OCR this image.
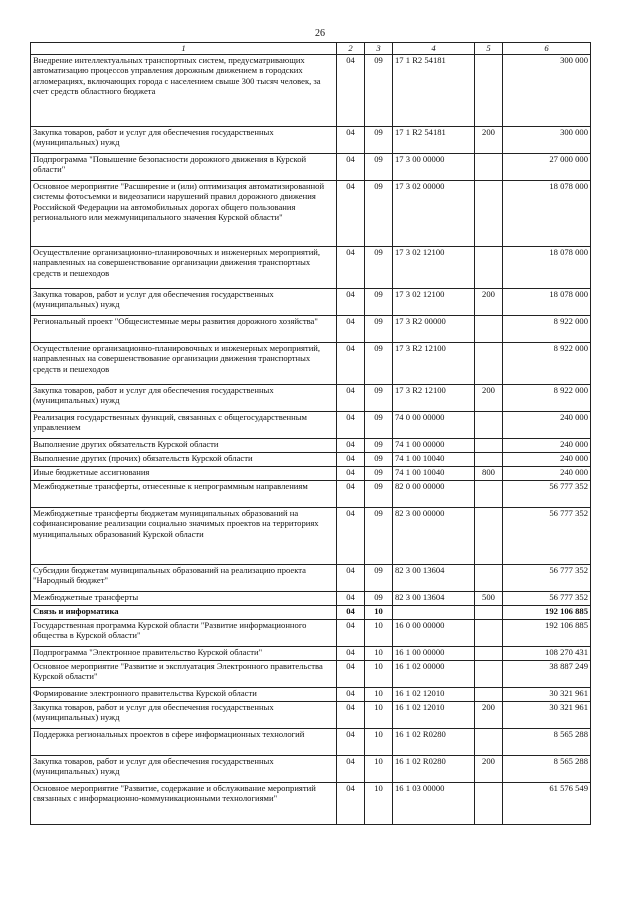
26
1	2	3	4	5	6
Внедрение интеллектуальных транспортных систем, предусматривающих автоматизацию процессов управления дорожным движением в городских агломерациях, включающих города с населением свыше 300 тысяч человек, за счет средств областного бюджета	04	09	17 1 R2 54181		300 000
Закупка товаров, работ и услуг для обеспечения государственных (муниципальных) нужд	04	09	17 1 R2 54181	200	300 000
Подпрограмма "Повышение безопасности дорожного движения в Курской области"	04	09	17 3 00 00000		27 000 000
Основное мероприятие "Расширение и (или) оптимизация автоматизированной системы фотосъемки и видеозаписи нарушений правил дорожного движения Российской Федерации на автомобильных дорогах общего пользования регионального или межмуниципального значения Курской области"	04	09	17 3 02 00000		18 078 000
Осуществление организационно-планировочных и инженерных мероприятий, направленных на совершенствование организации движения транспортных средств и пешеходов	04	09	17 3 02 12100		18 078 000
Закупка товаров, работ и услуг для обеспечения государственных (муниципальных) нужд	04	09	17 3 02 12100	200	18 078 000
Региональный проект "Общесистемные меры развития дорожного хозяйства"	04	09	17 3 R2 00000		8 922 000
Осуществление организационно-планировочных и инженерных мероприятий, направленных на совершенствование организации движения транспортных средств и пешеходов	04	09	17 3 R2 12100		8 922 000
Закупка товаров, работ и услуг для обеспечения государственных (муниципальных) нужд	04	09	17 3 R2 12100	200	8 922 000
Реализация государственных функций, связанных с общегосударственным управлением	04	09	74 0 00 00000		240 000
Выполнение других обязательств Курской области	04	09	74 1 00 00000		240 000
Выполнение других (прочих) обязательств Курской области	04	09	74 1 00 10040		240 000
Иные бюджетные ассигнования	04	09	74 1 00 10040	800	240 000
Межбюджетные трансферты, отнесенные к непрограммным направлениям	04	09	82 0 00 00000		56 777 352
Межбюджетные трансферты бюджетам муниципальных образований на софинансирование реализации социально значимых проектов на территориях муниципальных образований Курской области	04	09	82 3 00 00000		56 777 352
Субсидии бюджетам муниципальных образований на реализацию проекта "Народный бюджет"	04	09	82 3 00 13604		56 777 352
Межбюджетные трансферты	04	09	82 3 00 13604	500	56 777 352
Связь и информатика	04	10			192 106 885
Государственная программа Курской области "Развитие информационного общества в Курской области"	04	10	16 0 00 00000		192 106 885
Подпрограмма "Электронное правительство Курской области"	04	10	16 1 00 00000		108 270 431
Основное мероприятие "Развитие и эксплуатация Электронного правительства Курской области"	04	10	16 1 02 00000		38 887 249
Формирование электронного правительства Курской области	04	10	16 1 02 12010		30 321 961
Закупка товаров, работ и услуг для обеспечения государственных (муниципальных) нужд	04	10	16 1 02 12010	200	30 321 961
Поддержка региональных проектов в сфере информационных технологий	04	10	16 1 02 R0280		8 565 288
Закупка товаров, работ и услуг для обеспечения государственных (муниципальных) нужд	04	10	16 1 02 R0280	200	8 565 288
Основное мероприятие "Развитие, содержание и обслуживание мероприятий связанных с информационно-коммуникационными технологиями"	04	10	16 1 03 00000		61 576 549
